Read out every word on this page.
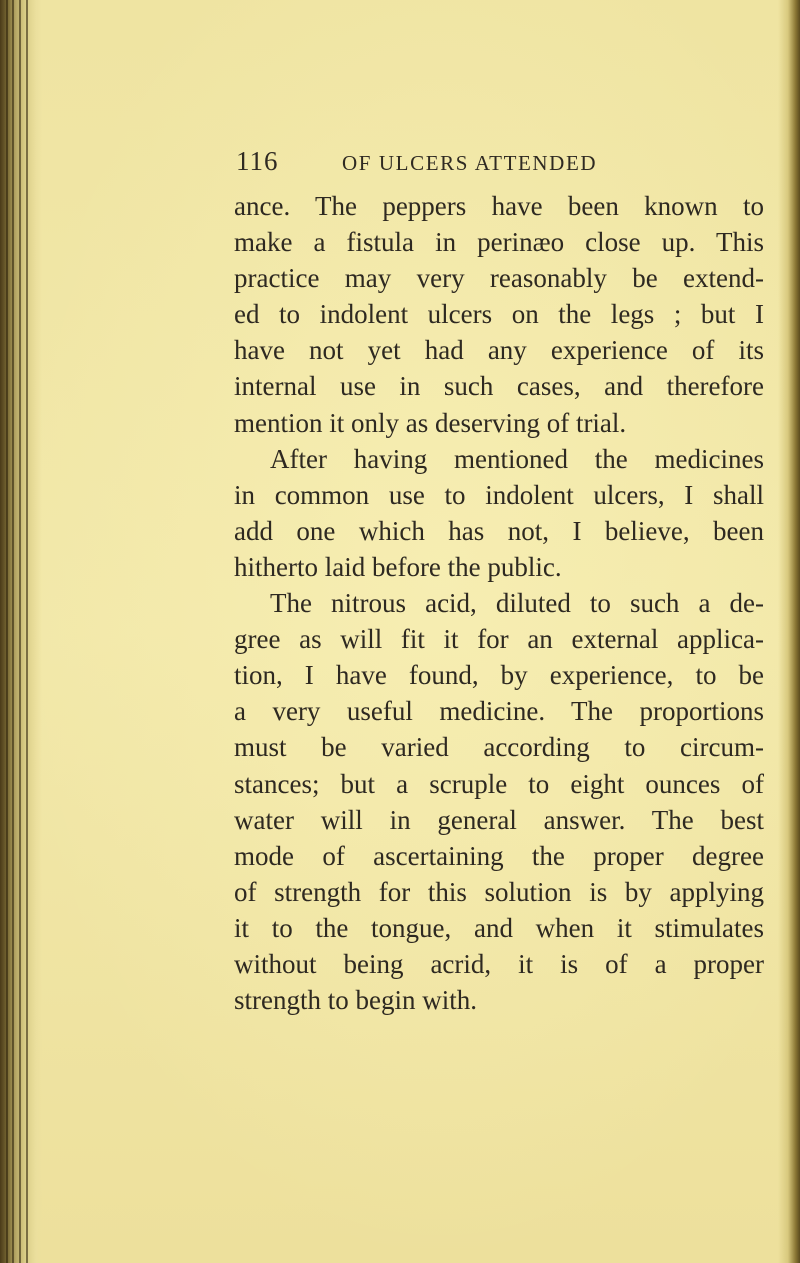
116	OF ULCERS ATTENDED
ance. The peppers have been known to
make a fistula in perinæo close up. This
practice may very reasonably be extend-
ed to indolent ulcers on the legs ; but I
have not yet had any experience of its
internal use in such cases, and therefore
mention it only as deserving of trial.
After having mentioned the medicines
in common use to indolent ulcers, I shall
add one which has not, I believe, been
hitherto laid before the public.
The nitrous acid, diluted to such a de-
gree as will fit it for an external applica-
tion, I have found, by experience, to be
a very useful medicine. The proportions
must be varied according to circum-
stances; but a scruple to eight ounces of
water will in general answer. The best
mode of ascertaining the proper degree
of strength for this solution is by applying
it to the tongue, and when it stimulates
without being acrid, it is of a proper
strength to begin with.
